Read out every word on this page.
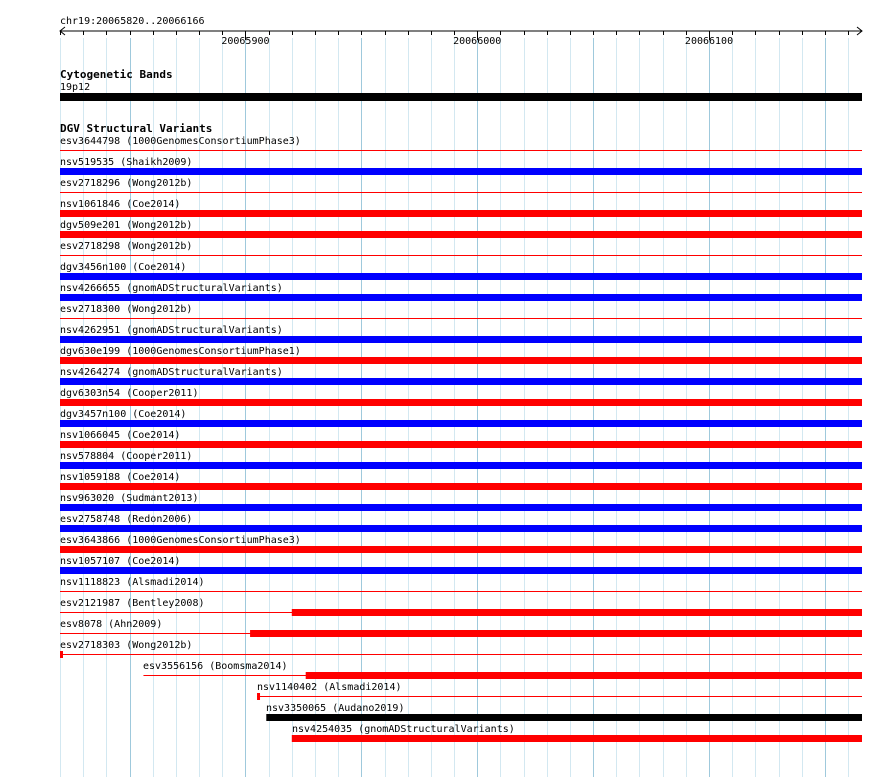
chr19:20065820..20066166
20065900	20066000	20066100
Cytogenetic Bands
19p12
DGV Structural Variants
esv3644798 (1000GenomesConsortiumPhase3)
nsv519535 (Shaikh2009)
esv2718296 (Wong2012b)
nsv1061846 (Coe2014)
dgv509e201 (Wong2012b)
esv2718298 (Wong2012b)
dgv3456n100 (Coe2014)
nsv4266655 (gnomADStructuralVariants)
esv2718300 (Wong2012b)
nsv4262951 (gnomADStructuralVariants)
dgv630e199 (1000GenomesConsortiumPhase1)
nsv4264274 (gnomADStructuralVariants)
dgv6303n54 (Cooper2011)
dgv3457n100 (Coe2014)
nsv1066045 (Coe2014)
nsv578804 (Cooper2011)
nsv1059188 (Coe2014)
nsv963020 (Sudmant2013)
esv2758748 (Redon2006)
esv3643866 (1000GenomesConsortiumPhase3)
nsv1057107 (Coe2014)
nsv1118823 (Alsmadi2014)
esv2121987 (Bentley2008)
esv8078 (Ahn2009)
esv2718303 (Wong2012b)
esv3556156 (Boomsma2014)
nsv1140402 (Alsmadi2014)
nsv3350065 (Audano2019)
nsv4254035 (gnomADStructuralVariants)
